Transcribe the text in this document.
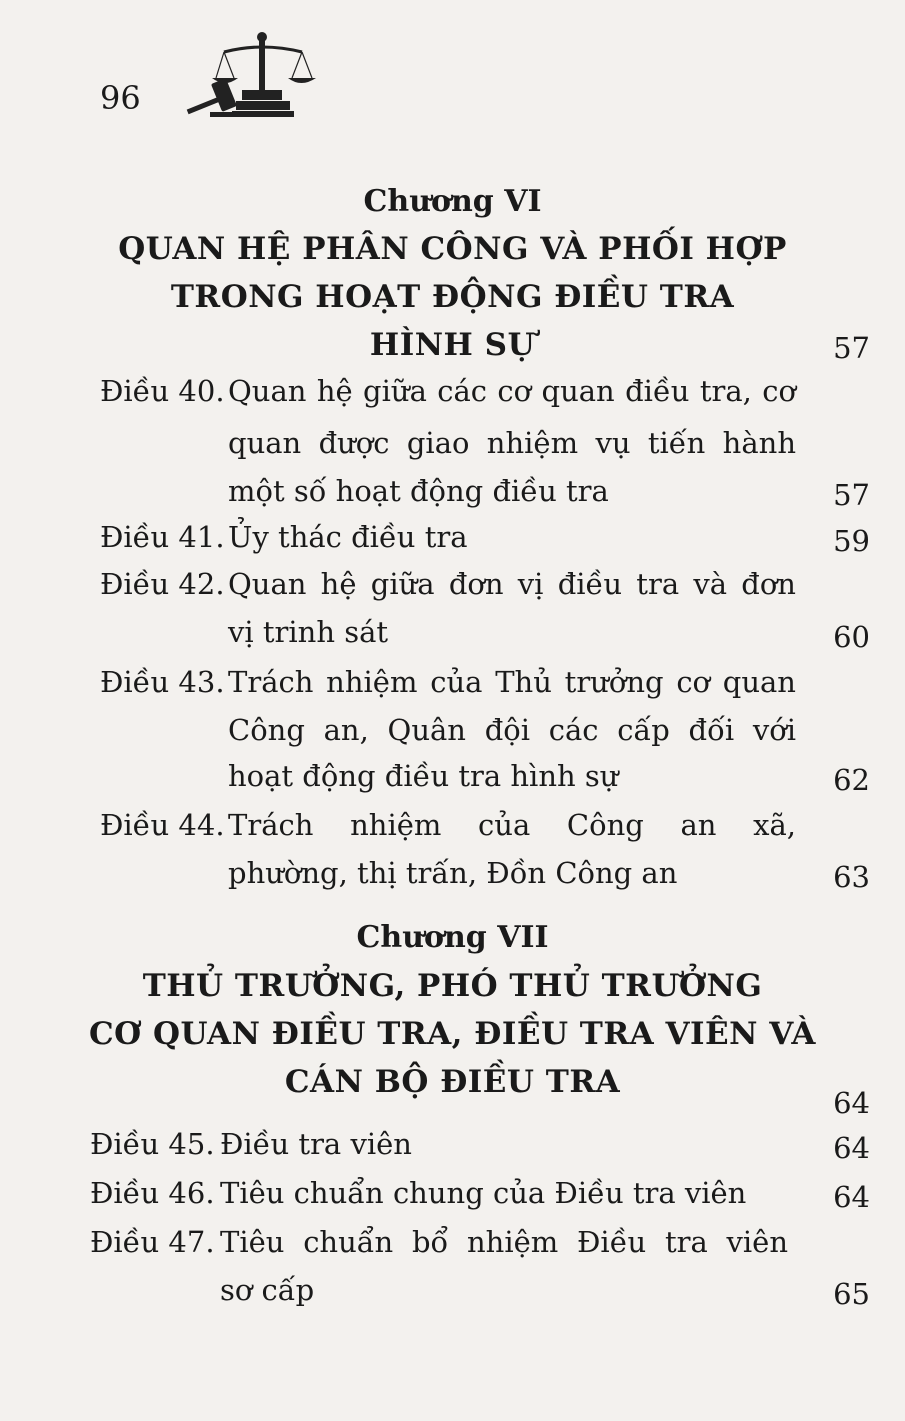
96
Chương VI
QUAN HỆ PHÂN CÔNG VÀ PHỐI HỢP
TRONG HOẠT ĐỘNG ĐIỀU TRA
HÌNH SỰ	57
Điều 40. Quan hệ giữa các cơ quan điều tra, cơ
quan được giao nhiệm vụ tiến hành
một số hoạt động điều tra	57
Điều 41. Ủy thác điều tra	59
Điều 42. Quan hệ giữa đơn vị điều tra và đơn
vị trinh sát	60
Điều 43. Trách nhiệm của Thủ trưởng cơ quan
Công an, Quân đội các cấp đối với
hoạt động điều tra hình sự	62
Điều 44. Trách nhiệm của Công an xã,
phường, thị trấn, Đồn Công an	63
Chương VII
THỦ TRƯỞNG, PHÓ THỦ TRƯỞNG
CƠ QUAN ĐIỀU TRA, ĐIỀU TRA VIÊN VÀ
CÁN BỘ ĐIỀU TRA
64
Điều 45. Điều tra viên	64
Điều 46. Tiêu chuẩn chung của Điều tra viên	64
Điều 47. Tiêu chuẩn bổ nhiệm Điều tra viên
sơ cấp	65
